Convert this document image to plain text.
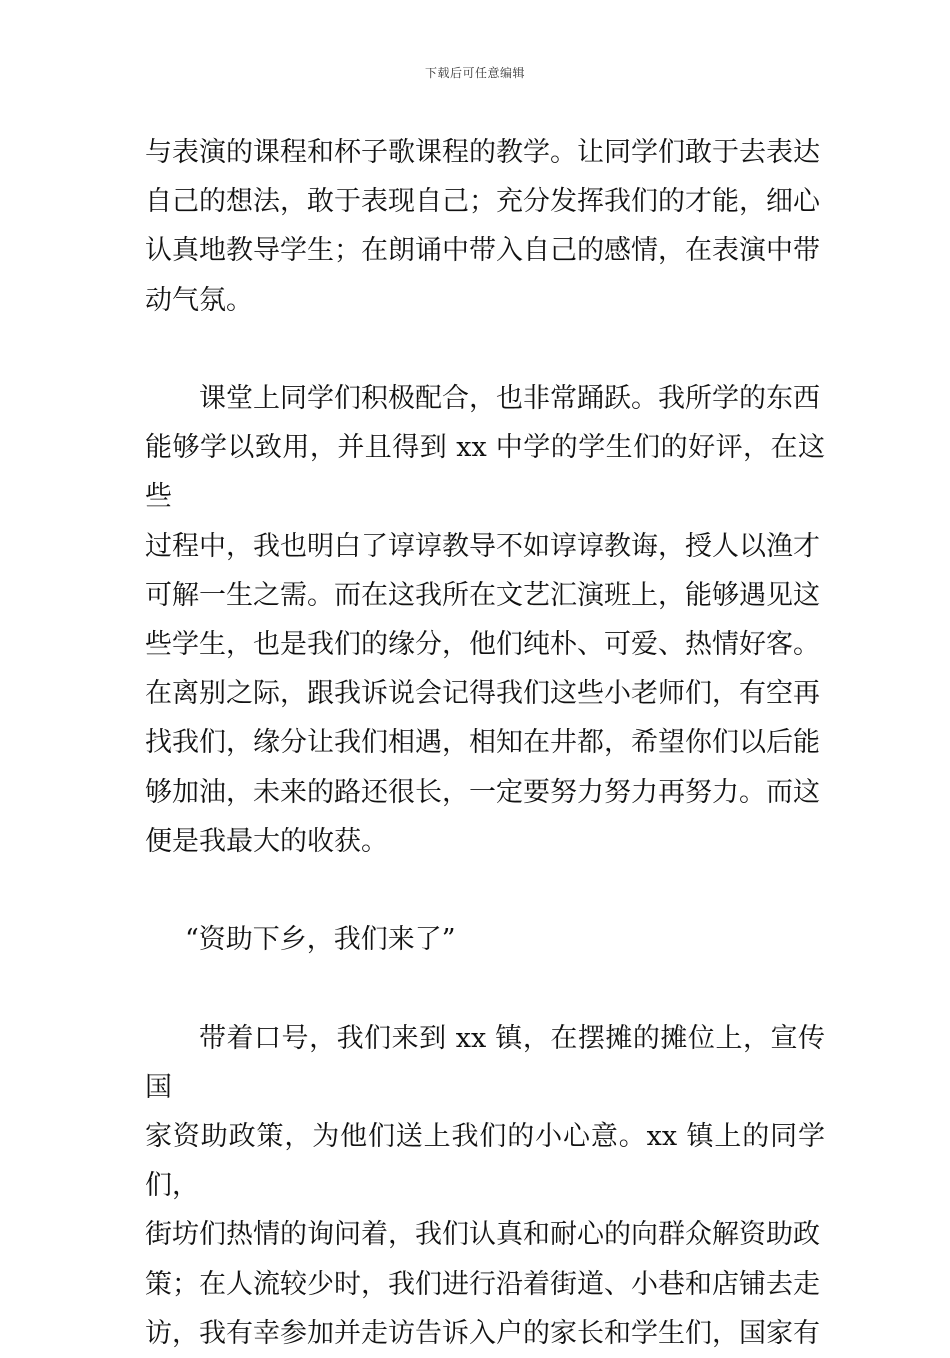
下载后可任意编辑
与表演的课程和杯子歌课程的教学。让同学们敢于去表达
自己的想法，敢于表现自己；充分发挥我们的才能，细心
认真地教导学生；在朗诵中带入自己的感情，在表演中带
动气氛。
课堂上同学们积极配合，也非常踊跃。我所学的东西
能够学以致用，并且得到 xx 中学的学生们的好评，在这些
过程中，我也明白了谆谆教导不如谆谆教诲，授人以渔才
可解一生之需。而在这我所在文艺汇演班上，能够遇见这
些学生，也是我们的缘分，他们纯朴、可爱、热情好客。
在离别之际，跟我诉说会记得我们这些小老师们，有空再
找我们，缘分让我们相遇，相知在井都，希望你们以后能
够加油，未来的路还很长，一定要努力努力再努力。而这
便是我最大的收获。
“资助下乡，我们来了”
带着口号，我们来到 xx 镇，在摆摊的摊位上，宣传国
家资助政策，为他们送上我们的小心意。xx 镇上的同学们，
街坊们热情的询问着，我们认真和耐心的向群众解资助政
策；在人流较少时，我们进行沿着街道、小巷和店铺去走
访，我有幸参加并走访告诉入户的家长和学生们，国家有
